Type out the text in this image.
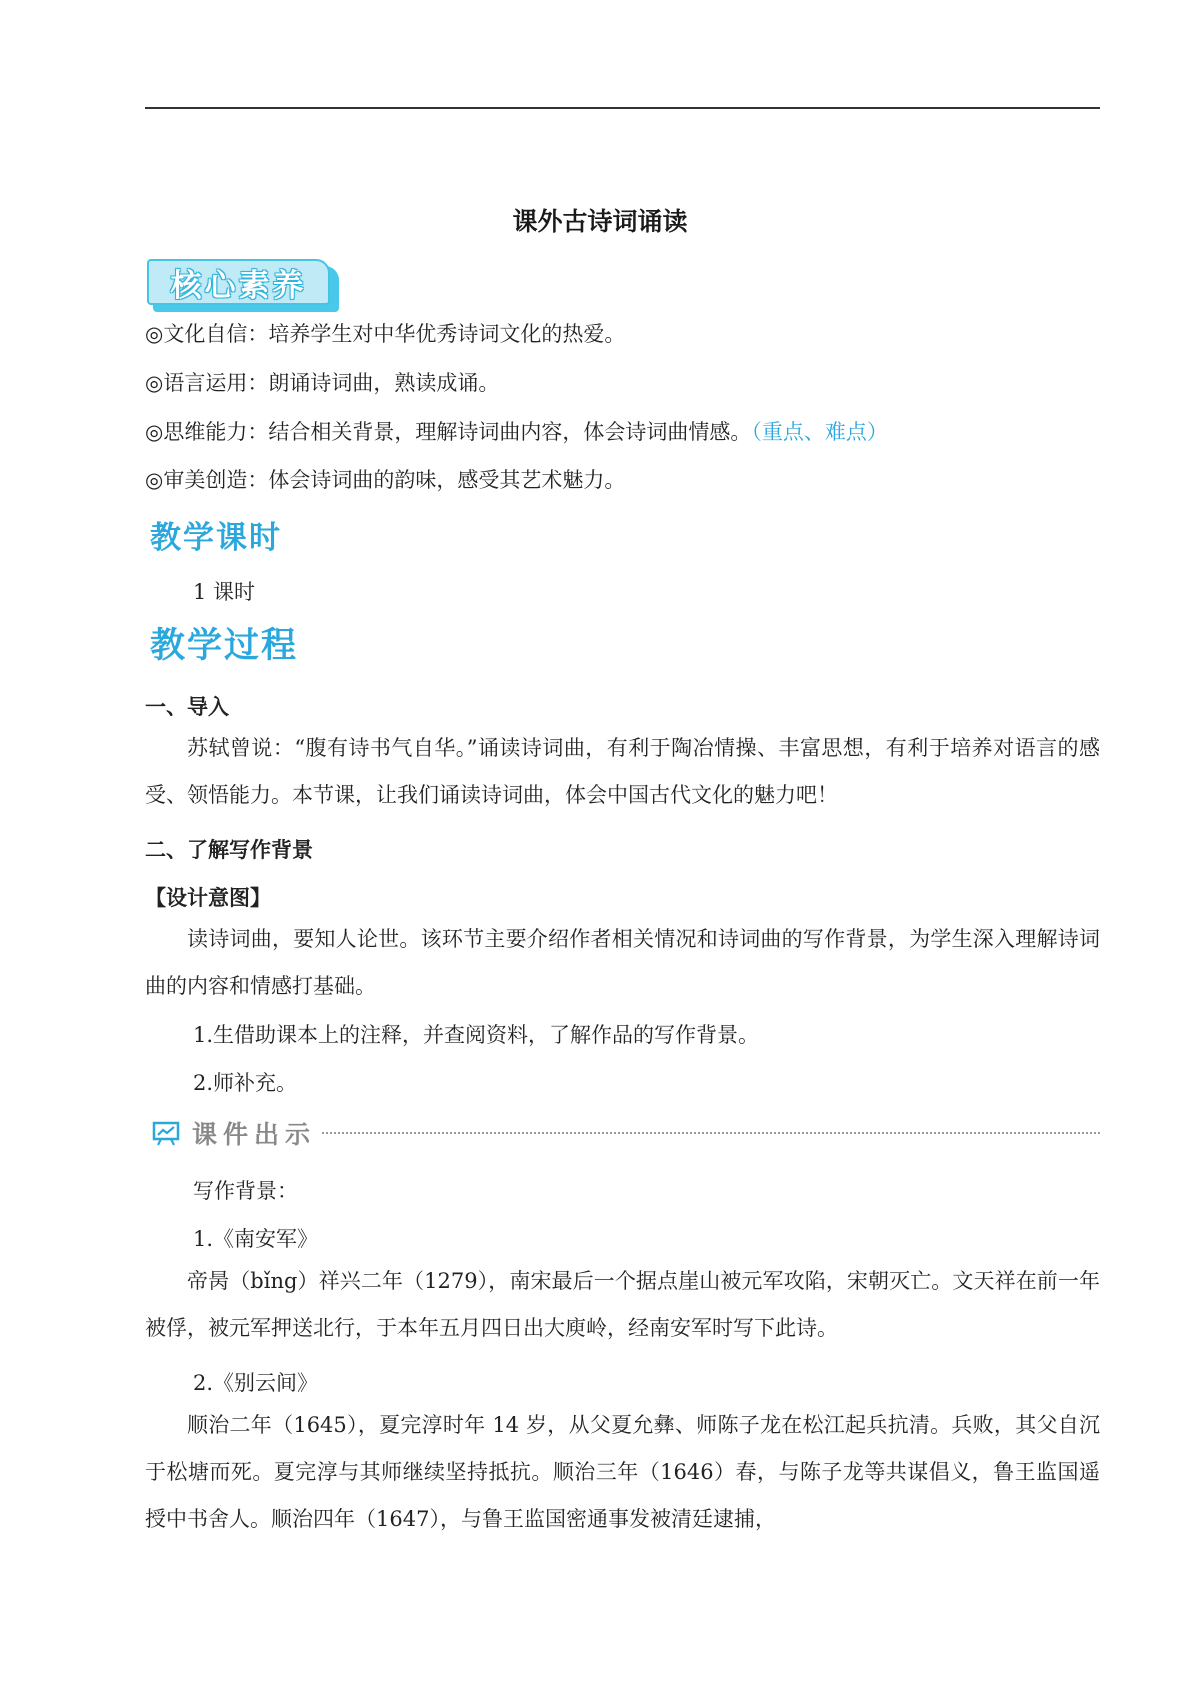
课外古诗词诵读
核心素养
◎文化自信：培养学生对中华优秀诗词文化的热爱。
◎语言运用：朗诵诗词曲，熟读成诵。
◎思维能力：结合相关背景，理解诗词曲内容，体会诗词曲情感。（重点、难点）
◎审美创造：体会诗词曲的韵味，感受其艺术魅力。
教学课时
1 课时
教学过程
一、导入
苏轼曾说：“腹有诗书气自华。”诵读诗词曲，有利于陶冶情操、丰富思想，有利于培养对语言的感受、领悟能力。本节课，让我们诵读诗词曲，体会中国古代文化的魅力吧！
二、了解写作背景
【设计意图】
读诗词曲，要知人论世。该环节主要介绍作者相关情况和诗词曲的写作背景，为学生深入理解诗词曲的内容和情感打基础。
1.生借助课本上的注释，并查阅资料，了解作品的写作背景。
2.师补充。
课件出示
写作背景：
1.《南安军》
帝昺（bǐng）祥兴二年（1279），南宋最后一个据点崖山被元军攻陷，宋朝灭亡。文天祥在前一年被俘，被元军押送北行，于本年五月四日出大庾岭，经南安军时写下此诗。
2.《别云间》
顺治二年（1645），夏完淳时年 14 岁，从父夏允彝、师陈子龙在松江起兵抗清。兵败，其父自沉于松塘而死。夏完淳与其师继续坚持抵抗。顺治三年（1646）春，与陈子龙等共谋倡义，鲁王监国遥授中书舍人。顺治四年（1647），与鲁王监国密通事发被清廷逮捕，
